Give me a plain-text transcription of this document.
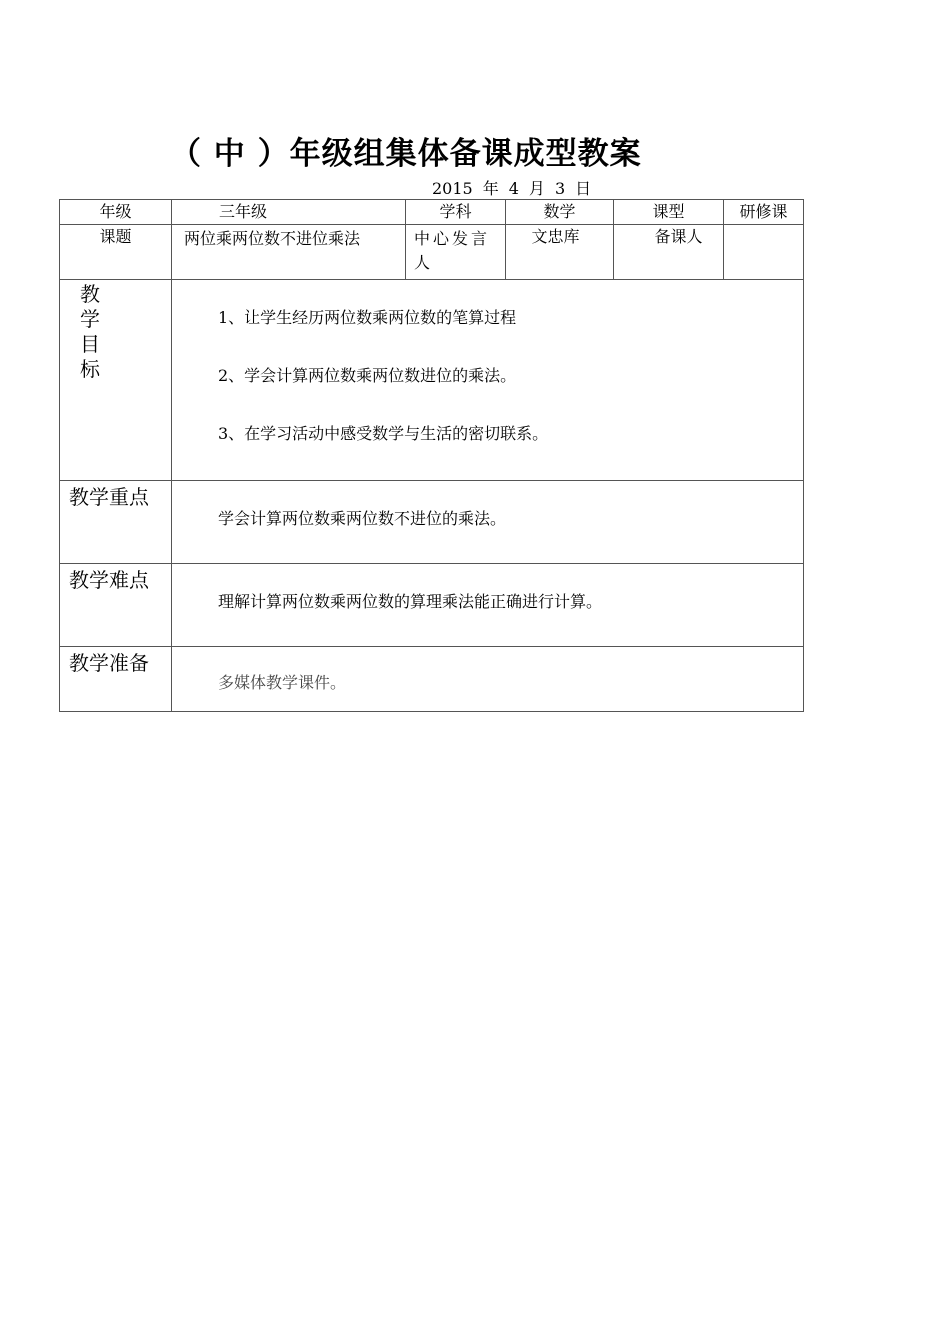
（ 中 ）年级组集体备课成型教案
2015 年 4 月 3 日
年级	三年级	学科	数学	课型	研修课
课题	两位乘两位数不进位乘法	中心发言人	文忠库	备课人	

教学目标	1、让学生经历两位数乘两位数的笔算过程

2、学会计算两位数乘两位数进位的乘法。

3、在学习活动中感受数学与生活的密切联系。				

教学重点	学会计算两位数乘两位数不进位的乘法。				

教学难点	理解计算两位数乘两位数的算理乘法能正确进行计算。				

教学准备	多媒体教学课件。				
